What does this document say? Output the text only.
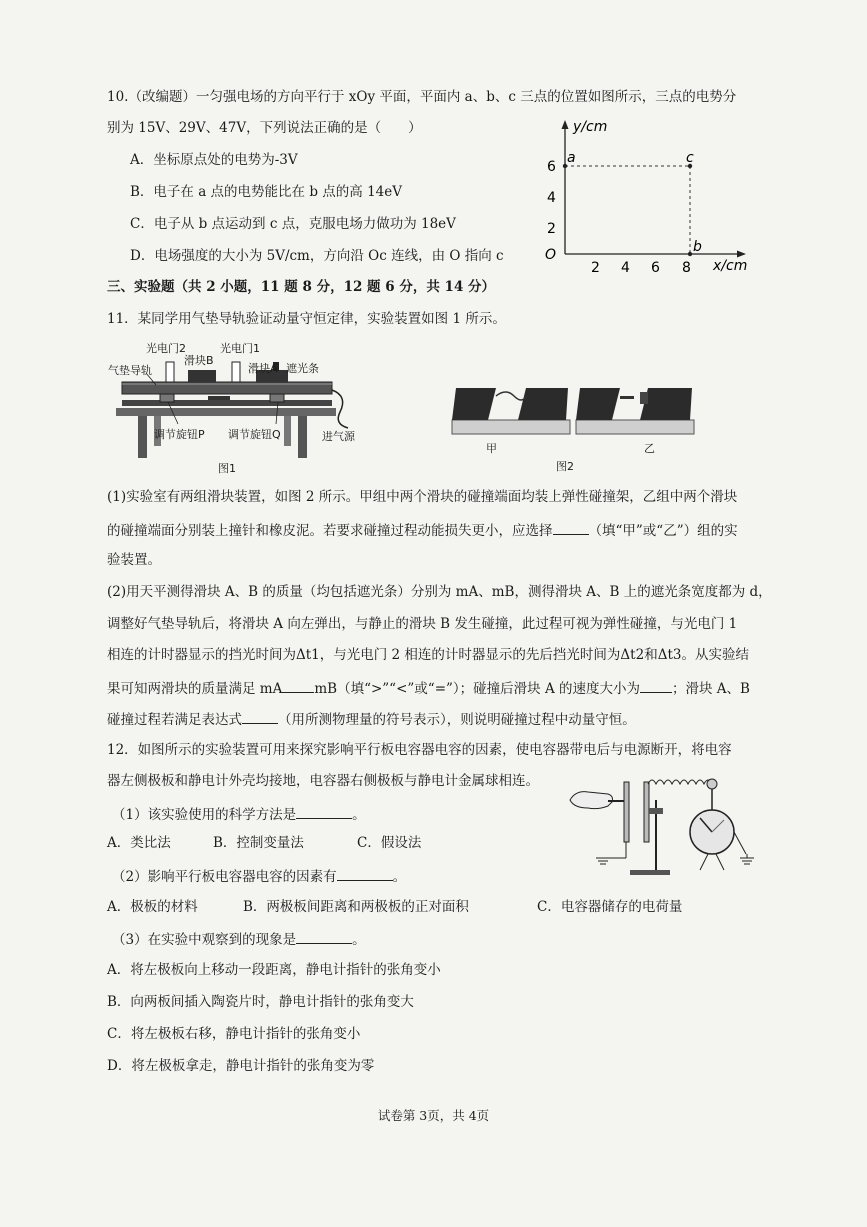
10.（改编题）一匀强电场的方向平行于 xOy 平面，平面内 a、b、c 三点的位置如图所示，三点的电势分
别为 15V、29V、47V，下列说法正确的是（　　）
A．坐标原点处的电势为-3V
B．电子在 a 点的电势能比在 b 点的高 14eV
C．电子从 b 点运动到 c 点，克服电场力做功为 18eV
D．电场强度的大小为 5V/cm，方向沿 Oc 连线，由 O 指向 c
y/cm
x/cm
O
6
4
2
2 4 6 8
a	c
b
三、实验题（共 2 小题，11 题 8 分，12 题 6 分，共 14 分）
11．某同学用气垫导轨验证动量守恒定律，实验装置如图 1 所示。
光电门2	光电门1
滑块B
滑块A 遮光条
气垫导轨
进气源
调节旋钮P 调节旋钮Q
图1
甲	乙
图2
(1)实验室有两组滑块装置，如图 2 所示。甲组中两个滑块的碰撞端面均装上弹性碰撞架，乙组中两个滑块
的碰撞端面分别装上撞针和橡皮泥。若要求碰撞过程动能损失更小，应选择	（填“甲”或“乙”）组的实
验装置。
(2)用天平测得滑块 A、B 的质量（均包括遮光条）分别为 mA、mB，测得滑块 A、B 上的遮光条宽度都为 d，
调整好气垫导轨后，将滑块 A 向左弹出，与静止的滑块 B 发生碰撞，此过程可视为弹性碰撞，与光电门 1
相连的计时器显示的挡光时间为Δt1，与光电门 2 相连的计时器显示的先后挡光时间为Δt2和Δt3。从实验结
果可知两滑块的质量满足 mA mB（填“>”“<”或“=”）；碰撞后滑块 A 的速度大小为 ；滑块 A、B
碰撞过程若满足表达式	（用所测物理量的符号表示），则说明碰撞过程中动量守恒。
12．如图所示的实验装置可用来探究影响平行板电容器电容的因素，使电容器带电后与电源断开，将电容
器左侧极板和静电计外壳均接地，电容器右侧极板与静电计金属球相连。
（1）该实验使用的科学方法是	。
A．类比法	B．控制变量法	C．假设法
（2）影响平行板电容器电容的因素有	。
A．极板的材料	B．两极板间距离和两极板的正对面积	C．电容器储存的电荷量
（3）在实验中观察到的现象是	。
A．将左极板向上移动一段距离，静电计指针的张角变小
B．向两板间插入陶瓷片时，静电计指针的张角变大
C．将左极板右移，静电计指针的张角变小
D．将左极板拿走，静电计指针的张角变为零
试卷第 3页，共 4页
